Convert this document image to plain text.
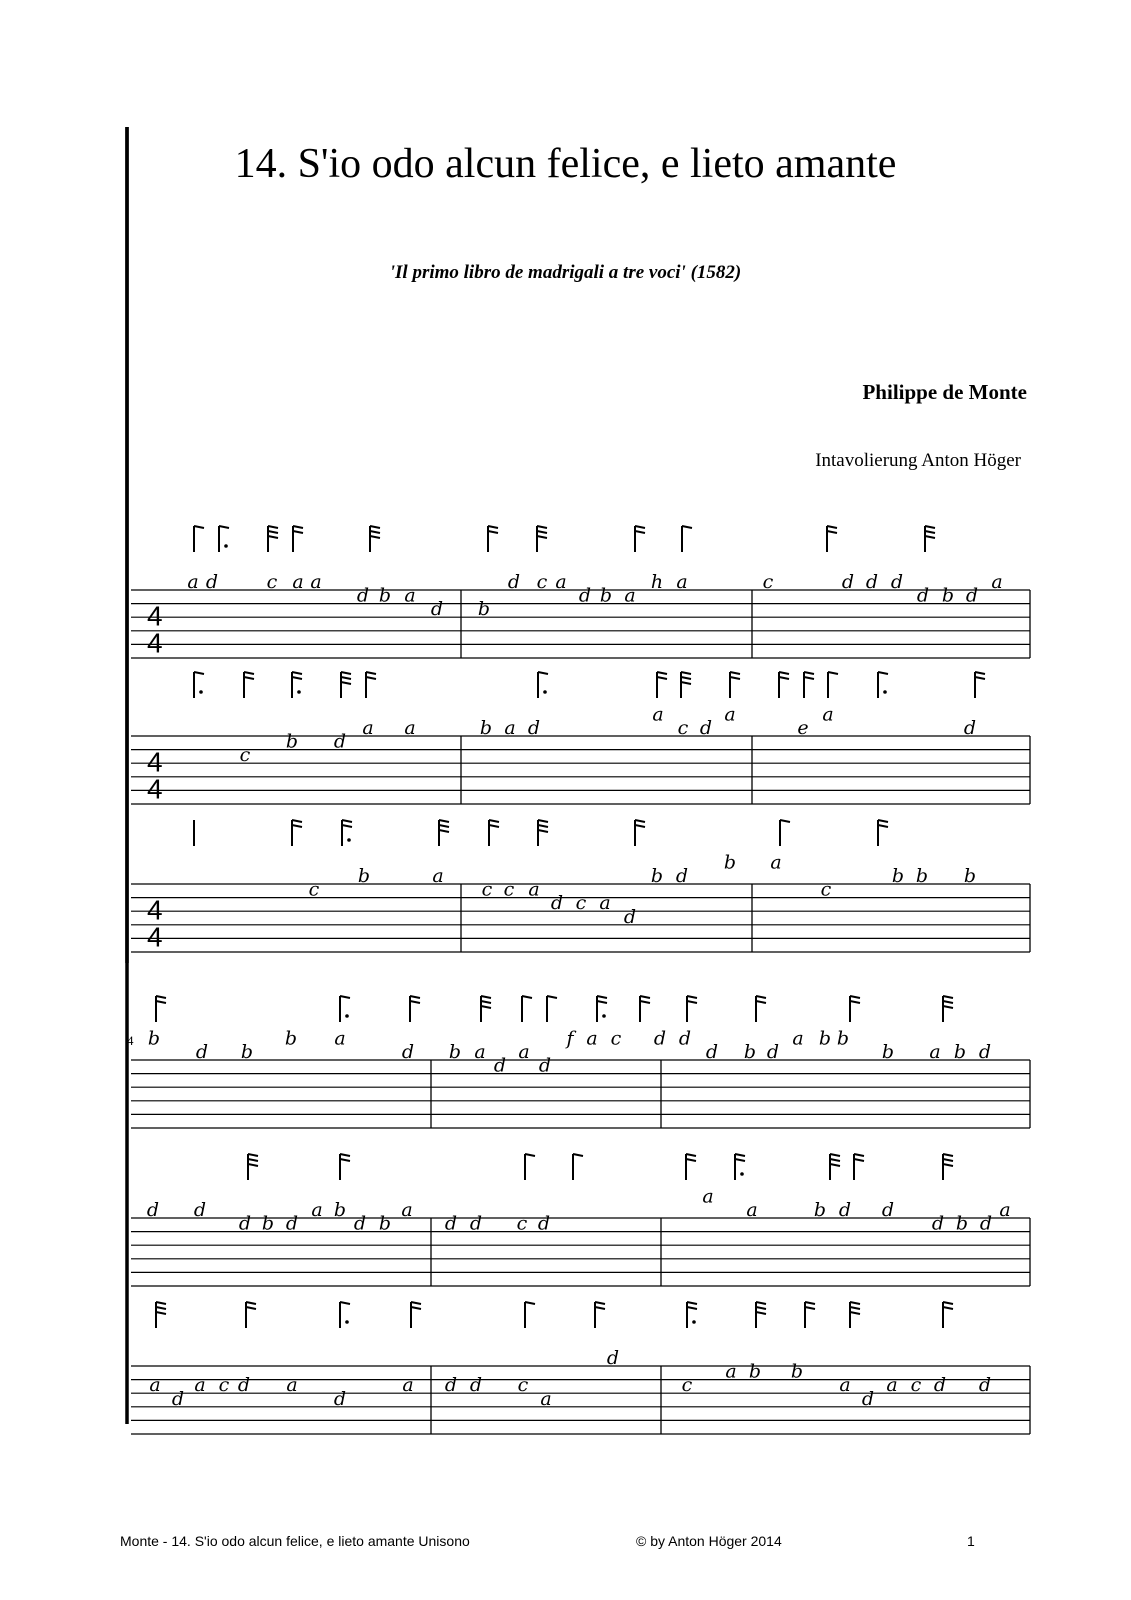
14. S'io odo alcun felice, e lieto amante
'Il primo libro de madrigali a tre voci' (1582)
Philippe de Monte
Intavolierung Anton Höger
4
4
a d	c a a
d b a
d b
d c a
d b a
h a	c	d d d
d b d
a
4
4
c
b d
a a	b a d
a
c d
a
e
a
d
4
4
c
b	a
c c a
d c a
d
b d
b a
c
b b b
4 b
d b
b a
d b a
d
a
d
f a c d d
d b d
a b b
b a b d
d d
d b d
a b
d b
a
d d c d
a
a	b d d
d b d
a
a
d
a c d a
d
a d d c
a
d
c
a b b
a
d
a c d d
Monte - 14. S'io odo alcun felice, e lieto amante Unisono	© by Anton Höger 2014	1
